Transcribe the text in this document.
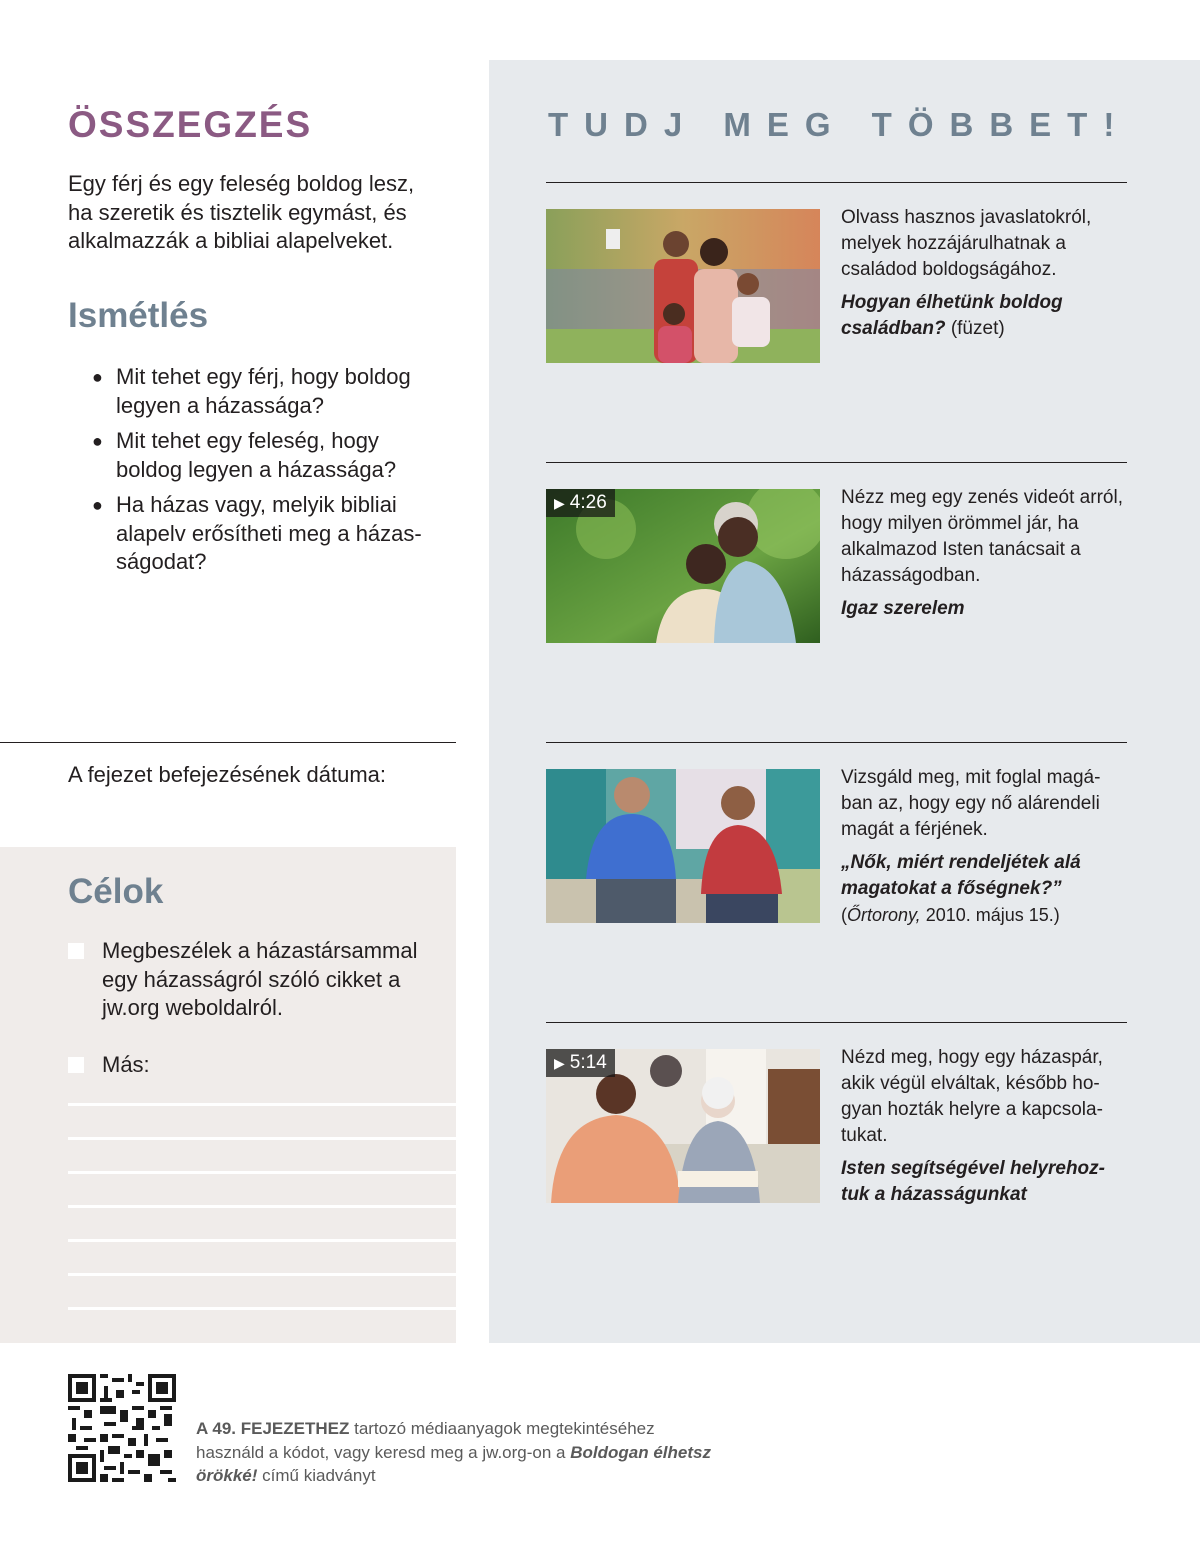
ÖSSZEGZÉS

Egy férj és egy feleség boldog lesz, ha szeretik és tisztelik egymást, és alkalmazzák a bibliai alapelveket.

Ismétlés
● Mit tehet egy férj, hogy boldog legyen a házassága?
● Mit tehet egy feleség, hogy boldog legyen a házassága?
● Ha házas vagy, melyik bibliai alapelv erősítheti meg a házas-ságodat?
A fejezet befejezésének dátuma:
Célok
Megbeszélek a házastársammal egy házasságról szóló cikket a jw.org weboldalról.
Más:
TUDJ MEG TÖBBET!
Olvass hasznos javaslatokról, melyek hozzájárulhatnak a családod boldogságához.
Hogyan élhetünk boldog családban? (füzet)
▶ 4:26	Nézz meg egy zenés videót arról, hogy milyen örömmel jár, ha alkalmazod Isten tanácsait a házasságodban.
Igaz szerelem
Vizsgáld meg, mit foglal magá-ban az, hogy egy nő alárendeli magát a férjének.
„Nők, miért rendeljétek alá magatokat a főségnek?”
(Őrtorony, 2010. május 15.)
▶ 5:14	Nézd meg, hogy egy házaspár, akik végül elváltak, később ho-gyan hozták helyre a kapcsola-tukat.
Isten segítségével helyrehoz-tuk a házasságunkat

A 49. FEJEZETHEZ tartozó médiaanyagok megtekintéséhez használd a kódot, vagy keresd meg a jw.org-on a Boldogan élhetsz örökké! című kiadványt
